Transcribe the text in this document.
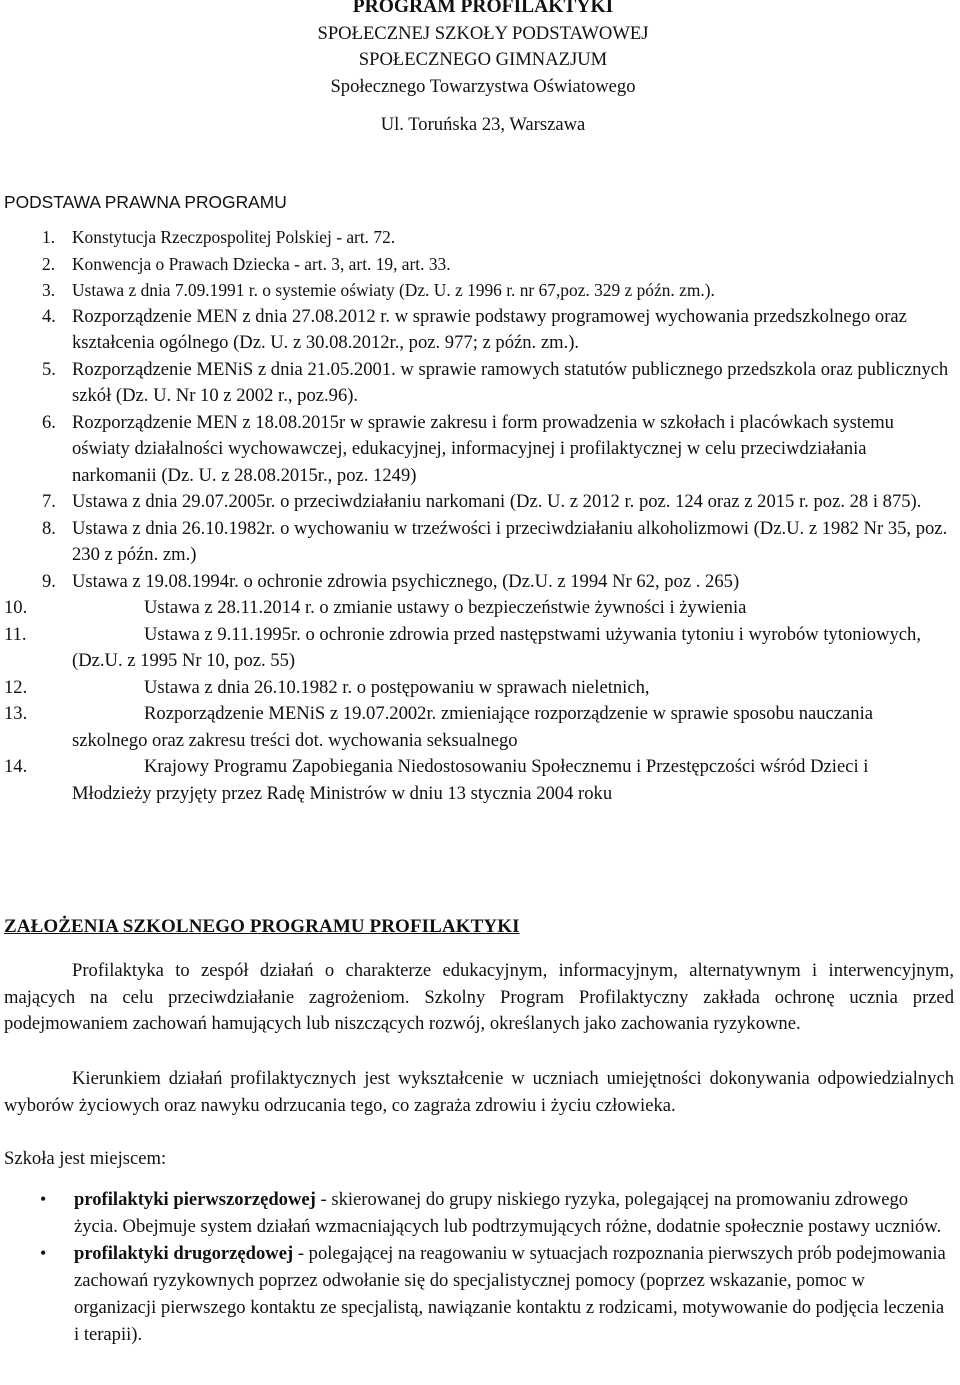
PROGRAM PROFILAKTYKI
SPOŁECZNEJ SZKOŁY PODSTAWOWEJ
SPOŁECZNEGO GIMNAZJUM
Społecznego Towarzystwa Oświatowego
Ul. Toruńska 23, Warszawa
PODSTAWA PRAWNA PROGRAMU
1. Konstytucja Rzeczpospolitej Polskiej - art. 72.
2. Konwencja o Prawach Dziecka - art. 3, art. 19, art. 33.
3. Ustawa z dnia 7.09.1991 r. o systemie oświaty (Dz. U. z 1996 r. nr 67,poz. 329 z późn. zm.).
4. Rozporządzenie MEN z dnia 27.08.2012 r. w sprawie podstawy programowej wychowania przedszkolnego oraz kształcenia ogólnego (Dz. U. z 30.08.2012r., poz. 977; z późn. zm.).
5. Rozporządzenie MENiS z dnia 21.05.2001. w sprawie ramowych statutów publicznego przedszkola oraz publicznych szkół (Dz. U. Nr 10 z 2002 r., poz.96).
6. Rozporządzenie MEN z 18.08.2015r w sprawie zakresu i form prowadzenia w szkołach i placówkach systemu oświaty działalności wychowawczej, edukacyjnej, informacyjnej i profilaktycznej w celu przeciwdziałania narkomanii (Dz. U. z 28.08.2015r., poz. 1249)
7. Ustawa z dnia 29.07.2005r. o przeciwdziałaniu narkomani (Dz. U. z 2012 r. poz. 124 oraz z 2015 r. poz. 28 i 875).
8. Ustawa z dnia 26.10.1982r. o wychowaniu w trzeźwości i przeciwdziałaniu alkoholizmowi (Dz.U. z 1982 Nr 35, poz. 230 z późn. zm.)
9. Ustawa z 19.08.1994r. o ochronie zdrowia psychicznego, (Dz.U. z 1994 Nr 62, poz . 265)
10.	Ustawa z 28.11.2014 r. o zmianie ustawy o bezpieczeństwie żywności i żywienia
11.	Ustawa z 9.11.1995r. o ochronie zdrowia przed następstwami używania tytoniu i wyrobów tytoniowych, (Dz.U. z 1995 Nr 10, poz. 55)
12.	Ustawa z dnia 26.10.1982 r. o postępowaniu w sprawach nieletnich,
13.	Rozporządzenie MENiS z 19.07.2002r. zmieniające rozporządzenie w sprawie sposobu nauczania szkolnego oraz zakresu treści dot. wychowania seksualnego
14.	Krajowy Programu Zapobiegania Niedostosowaniu Społecznemu i Przestępczości wśród Dzieci i Młodzieży przyjęty przez Radę Ministrów w dniu 13 stycznia 2004 roku
ZAŁOŻENIA SZKOLNEGO PROGRAMU PROFILAKTYKI
Profilaktyka to zespół działań o charakterze edukacyjnym, informacyjnym, alternatywnym i interwencyjnym, mających na celu przeciwdziałanie zagrożeniom. Szkolny Program Profilaktyczny zakłada ochronę ucznia przed podejmowaniem zachowań hamujących lub niszczących rozwój, określanych jako zachowania ryzykowne.
Kierunkiem działań profilaktycznych jest wykształcenie w uczniach umiejętności dokonywania odpowiedzialnych wyborów życiowych oraz nawyku odrzucania tego, co zagraża zdrowiu i życiu człowieka.
Szkoła jest miejscem:
• profilaktyki pierwszorzędowej - skierowanej do grupy niskiego ryzyka, polegającej na promowaniu zdrowego życia. Obejmuje system działań wzmacniających lub podtrzymujących różne, dodatnie społecznie postawy uczniów.
• profilaktyki drugorzędowej - polegającej na reagowaniu w sytuacjach rozpoznania pierwszych prób podejmowania zachowań ryzykownych poprzez odwołanie się do specjalistycznej pomocy (poprzez wskazanie, pomoc w organizacji pierwszego kontaktu ze specjalistą, nawiązanie kontaktu z rodzicami, motywowanie do podjęcia leczenia i terapii).
